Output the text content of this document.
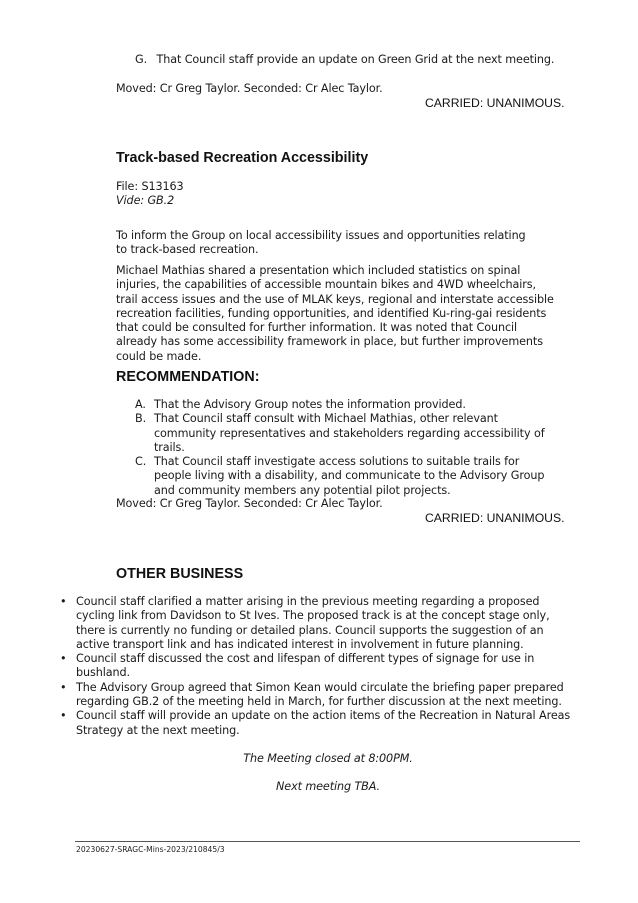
G. That Council staff provide an update on Green Grid at the next meeting.
Moved: Cr Greg Taylor. Seconded: Cr Alec Taylor.
CARRIED: UNANIMOUS.
Track-based Recreation Accessibility
File: S13163
Vide: GB.2
To inform the Group on local accessibility issues and opportunities relating to track-based recreation.
Michael Mathias shared a presentation which included statistics on spinal injuries, the capabilities of accessible mountain bikes and 4WD wheelchairs, trail access issues and the use of MLAK keys, regional and interstate accessible recreation facilities, funding opportunities, and identified Ku-ring-gai residents that could be consulted for further information. It was noted that Council already has some accessibility framework in place, but further improvements could be made.
RECOMMENDATION:
A. That the Advisory Group notes the information provided.
B. That Council staff consult with Michael Mathias, other relevant community representatives and stakeholders regarding accessibility of trails.
C. That Council staff investigate access solutions to suitable trails for people living with a disability, and communicate to the Advisory Group and community members any potential pilot projects.
Moved: Cr Greg Taylor. Seconded: Cr Alec Taylor.
CARRIED: UNANIMOUS.
OTHER BUSINESS
• Council staff clarified a matter arising in the previous meeting regarding a proposed cycling link from Davidson to St Ives. The proposed track is at the concept stage only, there is currently no funding or detailed plans. Council supports the suggestion of an active transport link and has indicated interest in involvement in future planning.
• Council staff discussed the cost and lifespan of different types of signage for use in bushland.
• The Advisory Group agreed that Simon Kean would circulate the briefing paper prepared regarding GB.2 of the meeting held in March, for further discussion at the next meeting.
• Council staff will provide an update on the action items of the Recreation in Natural Areas Strategy at the next meeting.
The Meeting closed at 8:00PM.
Next meeting TBA.
20230627-SRAGC-Mins-2023/210845/3
